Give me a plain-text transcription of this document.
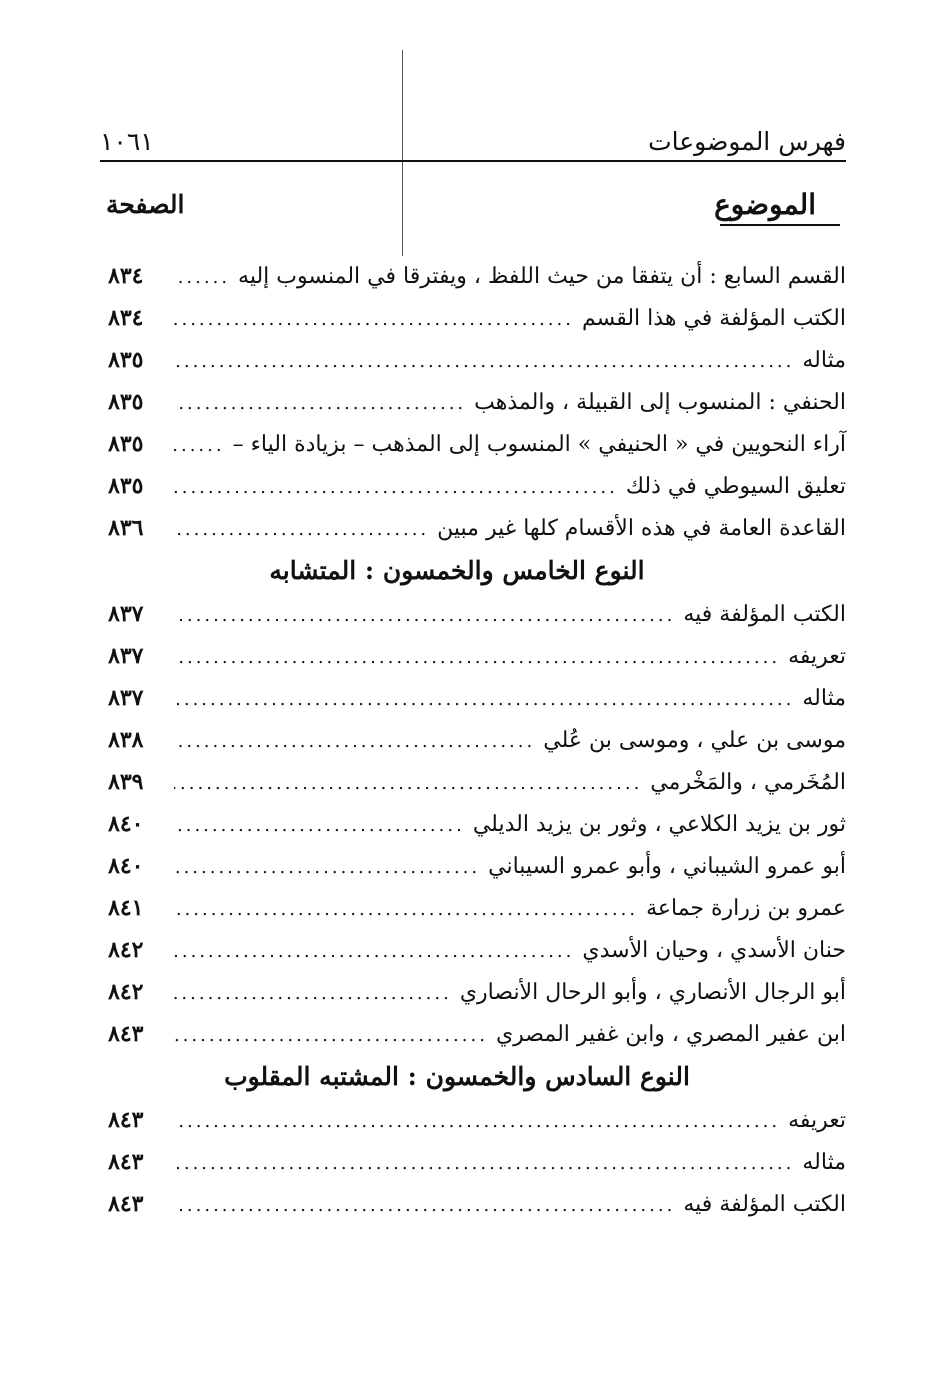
فهرس الموضوعات
١٠٦١
الموضوع
الصفحة
القسم السابع : أن يتفقا من حيث اللفظ ، ويفترقا في المنسوب إليه
.....
٨٣٤
الكتب المؤلفة في هذا القسم
.....
٨٣٤
مثاله
.....
٨٣٥
الحنفي : المنسوب إلى القبيلة ، والمذهب
.....
٨٣٥
آراء النحويين في « الحنيفي » المنسوب إلى المذهب – بزيادة الياء –
.....
٨٣٥
تعليق السيوطي في ذلك
.....
٨٣٥
القاعدة العامة في هذه الأقسام كلها غير مبين
.....
٨٣٦
النوع الخامس والخمسون : المتشابه
الكتب المؤلفة فيه
.....
٨٣٧
تعريفه
.....
٨٣٧
مثاله
.....
٨٣٧
موسى بن علي ، وموسى بن عُلي
.....
٨٣٨
المُخَرمي ، والمَخْرمي
.....
٨٣٩
ثور بن يزيد الكلاعي ، وثور بن يزيد الديلي
.....
٨٤٠
أبو عمرو الشيباني ، وأبو عمرو السيباني
.....
٨٤٠
عمرو بن زرارة جماعة
.....
٨٤١
حنان الأسدي ، وحيان الأسدي
.....
٨٤٢
أبو الرجال الأنصاري ، وأبو الرحال الأنصاري
.....
٨٤٢
ابن عفير المصري ، وابن غفير المصري
.....
٨٤٣
النوع السادس والخمسون : المشتبه المقلوب
تعريفه
.....
٨٤٣
مثاله
.....
٨٤٣
الكتب المؤلفة فيه
.....
٨٤٣
